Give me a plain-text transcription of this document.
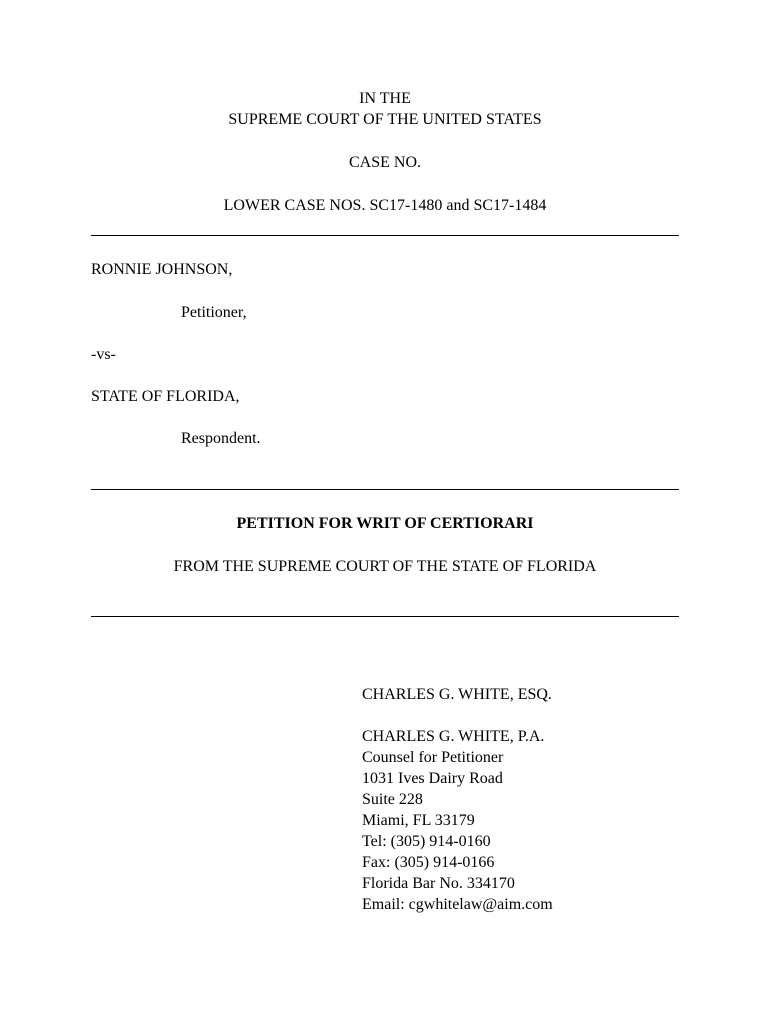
IN THE
SUPREME COURT OF THE UNITED STATES
CASE NO.
LOWER CASE NOS. SC17-1480 and SC17-1484
RONNIE JOHNSON,
Petitioner,
-vs-
STATE OF FLORIDA,
Respondent.
PETITION FOR WRIT OF CERTIORARI
FROM THE SUPREME COURT OF THE STATE OF FLORIDA
CHARLES G. WHITE, ESQ.
CHARLES G. WHITE, P.A.
Counsel for Petitioner
1031 Ives Dairy Road
Suite 228
Miami, FL 33179
Tel: (305) 914-0160
Fax: (305) 914-0166
Florida Bar No. 334170
Email: cgwhitelaw@aim.com
